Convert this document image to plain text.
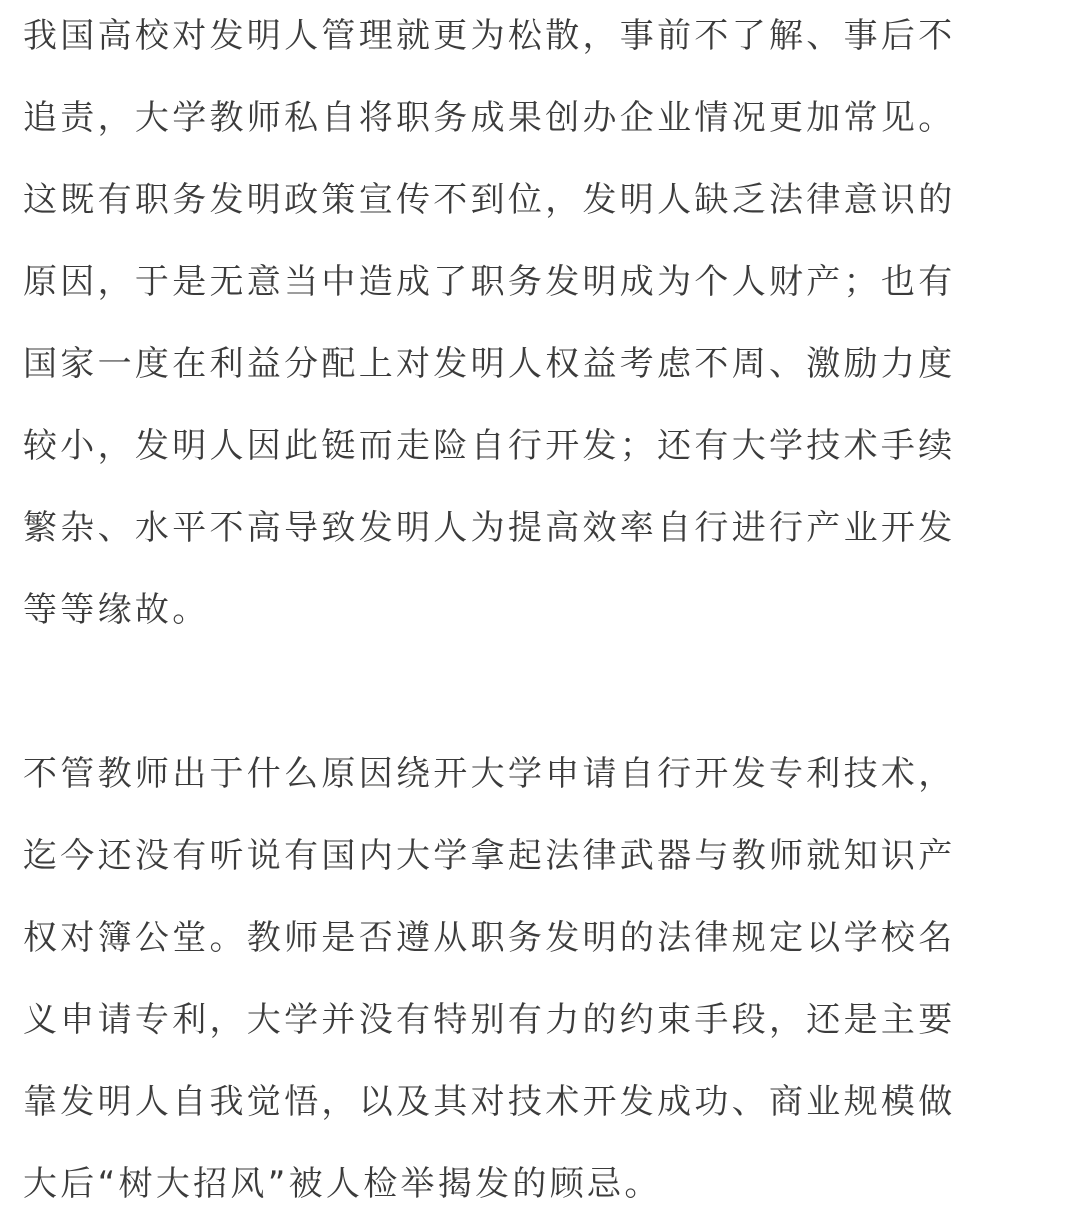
我国高校对发明人管理就更为松散，事前不了解、事后不
追责，大学教师私自将职务成果创办企业情况更加常见。
这既有职务发明政策宣传不到位，发明人缺乏法律意识的
原因，于是无意当中造成了职务发明成为个人财产；也有
国家一度在利益分配上对发明人权益考虑不周、激励力度
较小，发明人因此铤而走险自行开发；还有大学技术手续
繁杂、水平不高导致发明人为提高效率自行进行产业开发
等等缘故。
不管教师出于什么原因绕开大学申请自行开发专利技术，
迄今还没有听说有国内大学拿起法律武器与教师就知识产
权对簿公堂。教师是否遵从职务发明的法律规定以学校名
义申请专利，大学并没有特别有力的约束手段，还是主要
靠发明人自我觉悟，以及其对技术开发成功、商业规模做
大后“树大招风”被人检举揭发的顾忌。
